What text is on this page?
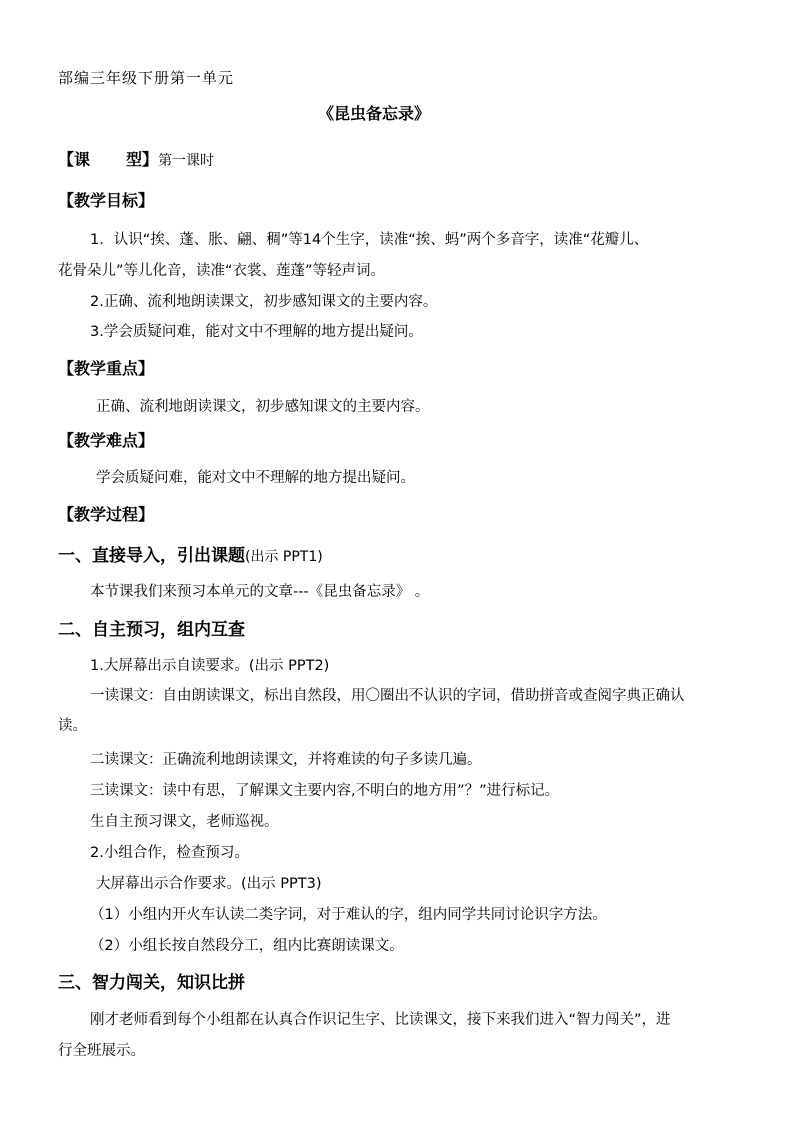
部编三年级下册第一单元
《昆虫备忘录》
【课 型】第一课时
【教学目标】
1．认识“挨、蓬、胀、翩、稠”等14个生字，读准“挨、蚂”两个多音字，读准“花瓣儿、
花骨朵儿”等儿化音，读准“衣裳、莲蓬”等轻声词。
2.正确、流利地朗读课文，初步感知课文的主要内容。
3.学会质疑问难，能对文中不理解的地方提出疑问。
【教学重点】
正确、流利地朗读课文，初步感知课文的主要内容。
【教学难点】
学会质疑问难，能对文中不理解的地方提出疑问。
【教学过程】
一、直接导入，引出课题(出示 PPT1)
本节课我们来预习本单元的文章---《昆虫备忘录》 。
二、自主预习，组内互查
1.大屏幕出示自读要求。(出示 PPT2)
一读课文：自由朗读课文，标出自然段，用〇圈出不认识的字词，借助拼音或查阅字典正确认
读。
二读课文：正确流利地朗读课文，并将难读的句子多读几遍。
三读课文：读中有思，了解课文主要内容,不明白的地方用”？”进行标记。
生自主预习课文，老师巡视。
2.小组合作，检查预习。
大屏幕出示合作要求。(出示 PPT3)
（1）小组内开火车认读二类字词，对于难认的字，组内同学共同讨论识字方法。
（2）小组长按自然段分工，组内比赛朗读课文。
三、智力闯关，知识比拼
刚才老师看到每个小组都在认真合作识记生字、比读课文，接下来我们进入“智力闯关”，进
行全班展示。
